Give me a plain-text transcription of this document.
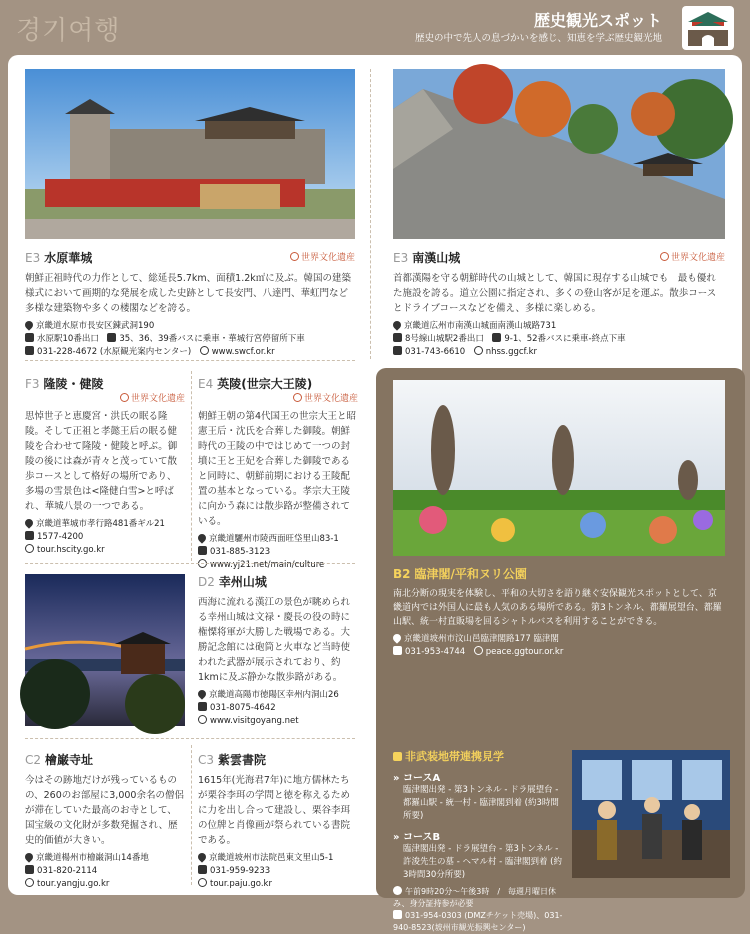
경기여행	歴史観光スポット
歴史の中で先人の息づかいを感じ、知恵を学ぶ歴史観光地
E3 水原華城	世界文化遺産
朝鮮正祖時代の力作として、総延長5.7km、面積1.2k㎡に及ぶ。韓国の建築様式において画期的な発展を成した史跡として長安門、八達門、華虹門など多様な建築物や多くの楼閣などを誇る。
京畿道水原市長安区錬武洞190
水原駅10番出口　 35、36、39番バスに乗車・華城行宮停留所下車
031-228-4672 (水原観光案内センター)　 www.swcf.or.kr
E3 南漢山城	世界文化遺産
首都漢陽を守る朝鮮時代の山城として、韓国に現存する山城でも　最も優れた施設を誇る。道立公園に指定され、多くの登山客が足を運ぶ。散歩コースとドライブコースなどを備え、多様に楽しめる。
京畿道広州市南漢山城面南漢山城路731
8号線山城駅2番出口　 9-1、52番バスに乗車-終点下車
031-743-6610　 nhss.ggcf.kr
F3 隆陵・健陵
世界文化遺産
思悼世子と恵慶宮・洪氏の眠る隆陵。そして正祖と孝懿王后の眠る健陵を合わせて隆陵・健陵と呼ぶ。御陵の後には森が青々と茂っていて散歩コースとして格好の場所であり、多場の雪景色は<隆健白雪>と呼ばれ、華城八景の一つである。
京畿道華城市孝行路481番ギル21
1577-4200
tour.hscity.go.kr
E4 英陵(世宗大王陵)
世界文化遺産
朝鮮王朝の第4代国王の世宗大王と昭憲王后・沈氏を合葬した御陵。朝鮮時代の王陵の中ではじめて一つの封墳に王と王妃を合葬した御陵であると同時に、朝鮮前期における王陵配置の基本となっている。孝宗大王陵に向かう森には散歩路が整備されている。
京畿道驪州市陵西面旺垈里山83-1
031-885-3123
www.yj21.net/main/culture
D2 幸州山城
西海に流れる漢江の景色が眺められる幸州山城は文禄・慶長の役の時に権慄将軍が大勝した戦場である。大勝記念館には砲筒と火車など当時使われた武器が展示されており、約1kmに及ぶ静かな散歩路がある。
京畿道高陽市徳陽区幸州内洞山26
031-8075-4642
www.visitgoyang.net
C2 檜巌寺址
今はその跡地だけが残っているものの、260のお部屋に3,000余名の僧侶が滞在していた最高のお寺として、国宝級の文化財が多数発掘され、歴史的価値が大きい。
京畿道楊州市檜巌洞山14番地
031-820-2114
tour.yangju.go.kr
C3 紫雲書院
1615年(光海君7年)に地方儒林たちが栗谷李珥の学問と徳を称えるために力を出し合って建設し、栗谷李珥の位牌と肖像画が祭られている書院である。
京畿道坡州市法院邑東文里山5-1
031-959-9233
tour.paju.go.kr
B2 臨津閣/平和ヌリ公園
南北分断の現実を体験し、平和の大切さを語り継ぐ安保観光スポットとして、京畿道内では外国人に最も人気のある場所である。第3トンネル、都羅展望台、都羅山駅、統一村直販場を回るシャトルバスを利用することができる。
京畿道坡州市汶山邑臨津閣路177 臨津閣
031-953-4744　 peace.ggtour.or.kr
非武装地帯連携見学
» コースA
臨津閣出発 - 第3トンネル - ドラ展望台 - 都羅山駅 - 統一村 - 臨津閣到着 (約3時間所要)
» コースB
臨津閣出発 - ドラ展望台 - 第3トンネル - 許浚先生の墓 - ヘマル村 - 臨津閣到着 (約3時間30分所要)
午前9時20分～午後3時　/　毎週月曜日休み、身分証持参が必要
031-954-0303 (DMZチケット売場)、031-940-8523(坡州市観光振興センター)
